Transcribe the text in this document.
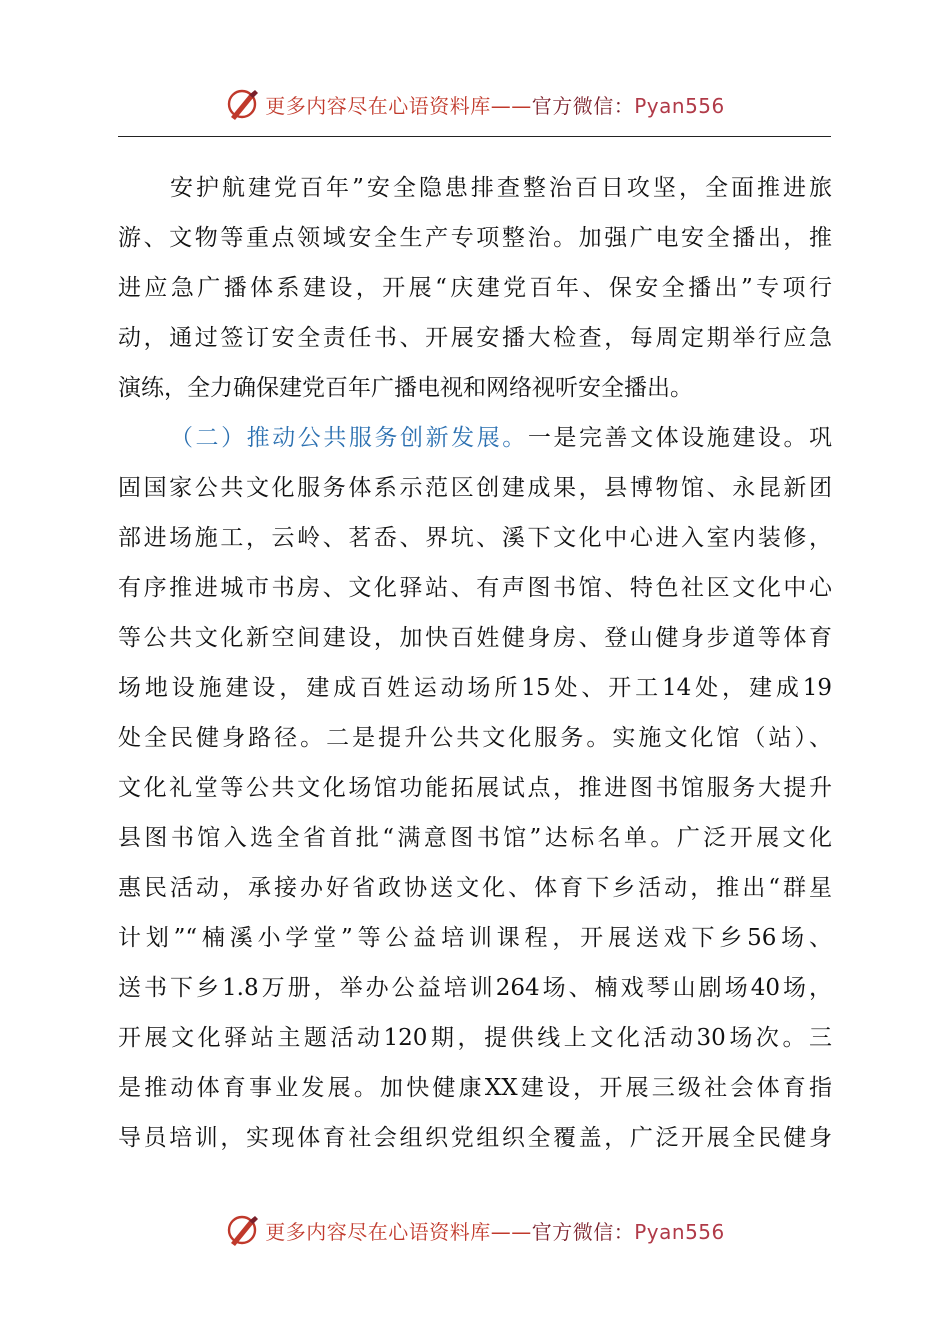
更多内容尽在心语资料库——官方微信：Pyan556
安护航建党百年”安全隐患排查整治百日攻坚，全面推进旅
游、文物等重点领域安全生产专项整治。加强广电安全播出，推
进应急广播体系建设，开展“庆建党百年、保安全播出”专项行
动，通过签订安全责任书、开展安播大检查，每周定期举行应急
演练，全力确保建党百年广播电视和网络视听安全播出。
（二）推动公共服务创新发展。一是完善文体设施建设。巩
固国家公共文化服务体系示范区创建成果，县博物馆、永昆新团
部进场施工，云岭、茗岙、界坑、溪下文化中心进入室内装修，
有序推进城市书房、文化驿站、有声图书馆、特色社区文化中心
等公共文化新空间建设，加快百姓健身房、登山健身步道等体育
场地设施建设，建成百姓运动场所15处、开工14处，建成19
处全民健身路径。二是提升公共文化服务。实施文化馆（站）、
文化礼堂等公共文化场馆功能拓展试点，推进图书馆服务大提升
县图书馆入选全省首批“满意图书馆”达标名单。广泛开展文化
惠民活动，承接办好省政协送文化、体育下乡活动，推出“群星
计划”“楠溪小学堂”等公益培训课程，开展送戏下乡56场、
送书下乡1.8万册，举办公益培训264场、楠戏琴山剧场40场，
开展文化驿站主题活动120期，提供线上文化活动30场次。三
是推动体育事业发展。加快健康XX建设，开展三级社会体育指
导员培训，实现体育社会组织党组织全覆盖，广泛开展全民健身
更多内容尽在心语资料库——官方微信：Pyan556
